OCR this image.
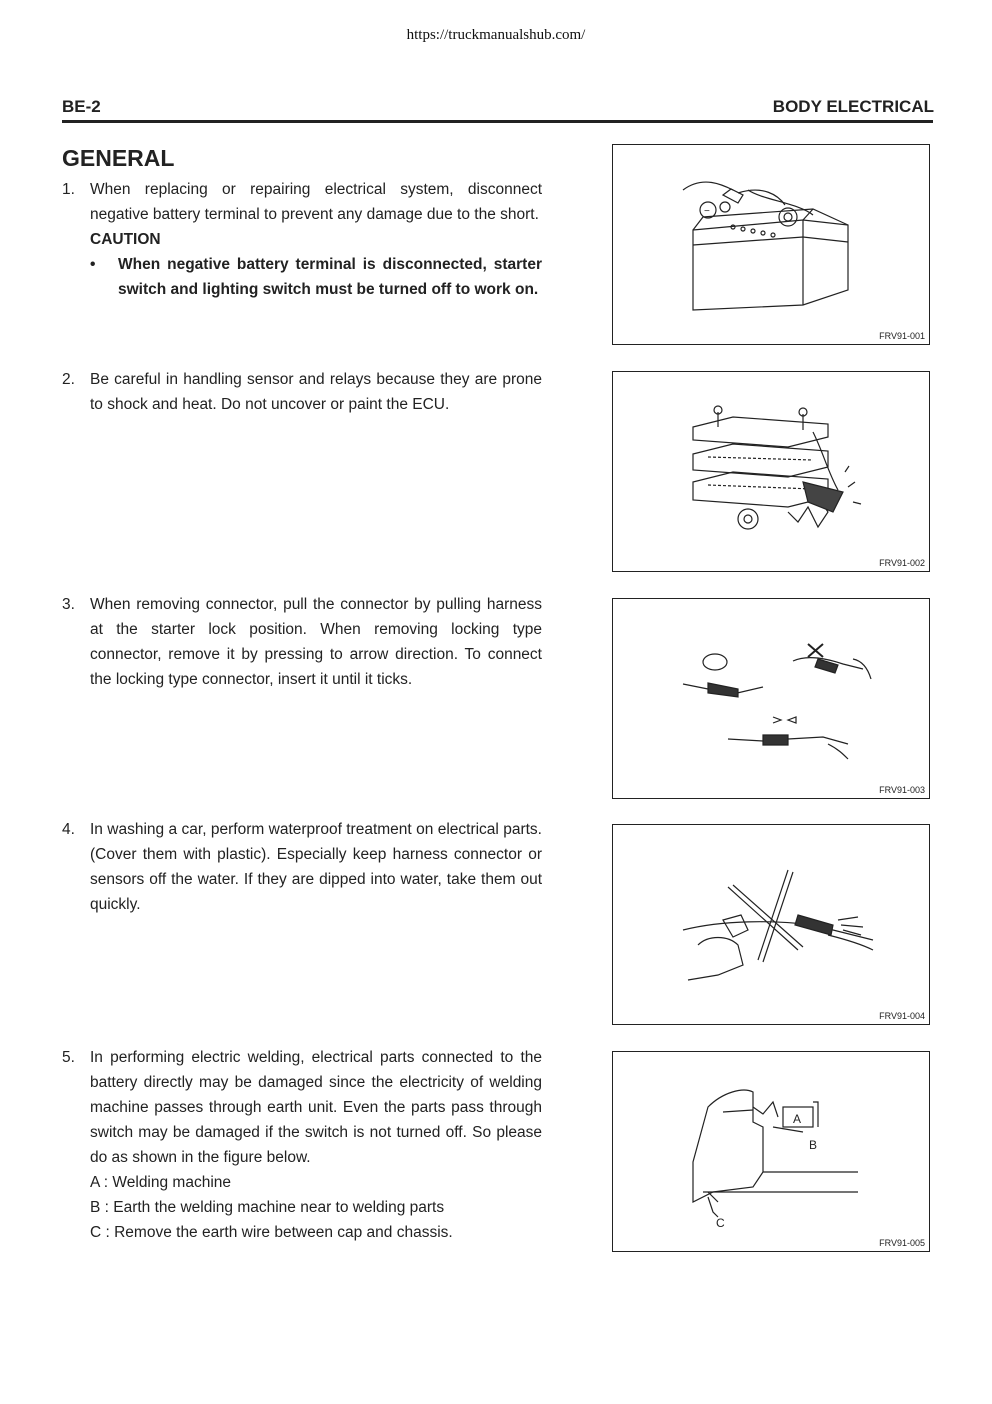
https://truckmanualshub.com/
BE-2	BODY ELECTRICAL
GENERAL
1. When replacing or repairing electrical system, disconnect negative battery terminal to prevent any damage due to the short.

CAUTION

• When negative battery terminal is disconnected, starter switch and lighting switch must be turned off to work on.
2. Be careful in handling sensor and relays because they are prone to shock and heat. Do not uncover or paint the ECU.

3. When removing connector, pull the connector by pulling harness at the starter lock position. When removing locking type connector, remove it by pressing to arrow direction. To connect the locking type connector, insert it until it ticks.

4. In washing a car, perform waterproof treatment on electrical parts. (Cover them with plastic). Especially keep harness connector or sensors off the water. If they are dipped into water, take them out quickly.

5. In performing electric welding, electrical parts connected to the battery directly may be damaged since the electricity of welding machine passes through earth unit. Even the parts pass through switch may be damaged if the switch is not turned off. So please do as shown in the figure below.

A : Welding machine

B : Earth the welding machine near to welding parts

C : Remove the earth wire between cap and chassis.

−
FRV91-001
FRV91-002
FRV91-003
FRV91-004
A
B
C
FRV91-005
